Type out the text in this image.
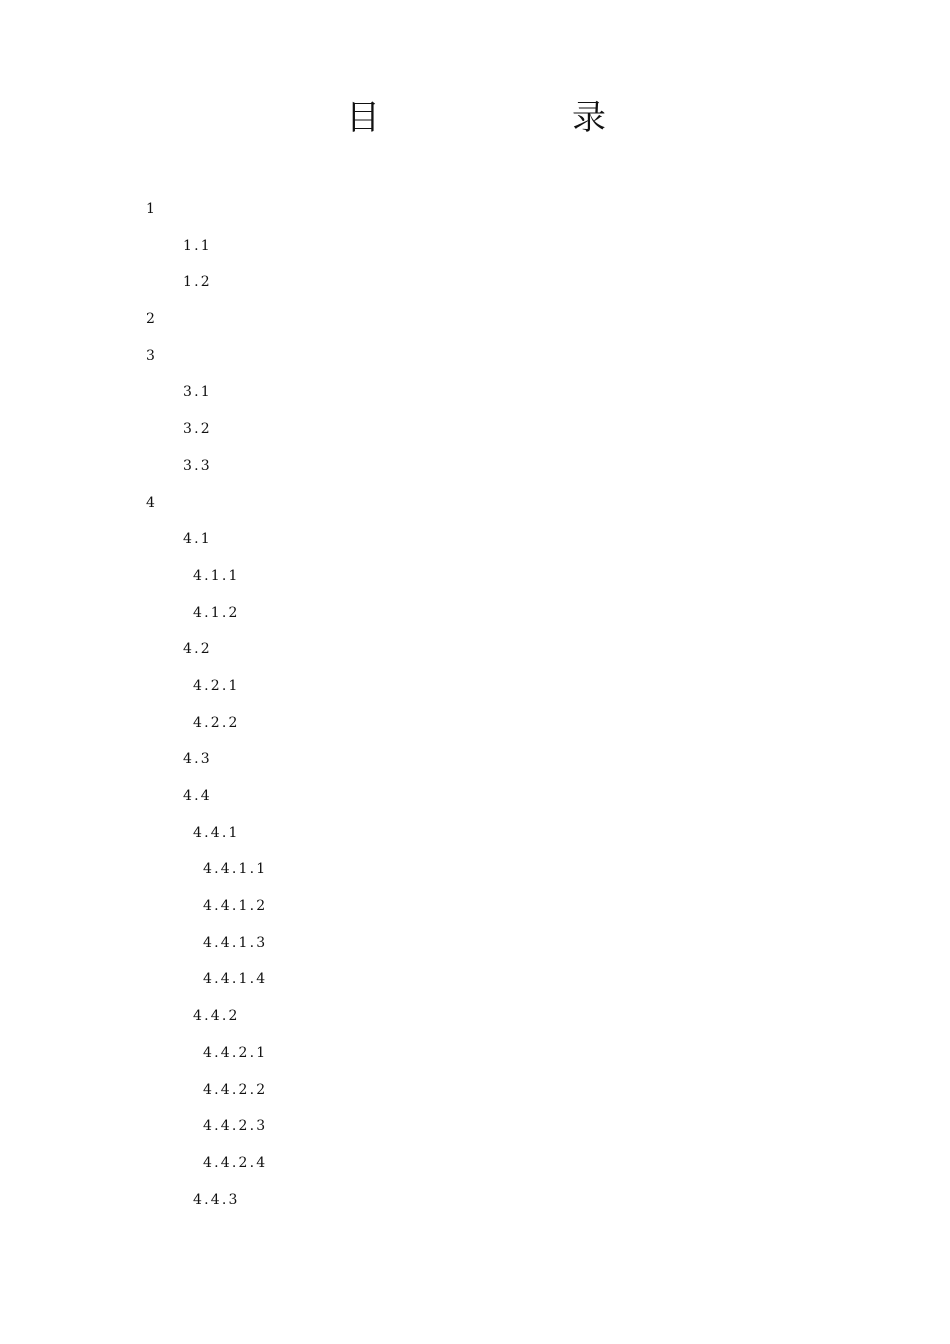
目	录
1
1.1
1.2
2
3
3.1
3.2
3.3
4
4.1
4.1.1
4.1.2
4.2
4.2.1
4.2.2
4.3
4.4
4.4.1
4.4.1.1
4.4.1.2
4.4.1.3
4.4.1.4
4.4.2
4.4.2.1
4.4.2.2
4.4.2.3
4.4.2.4
4.4.3
